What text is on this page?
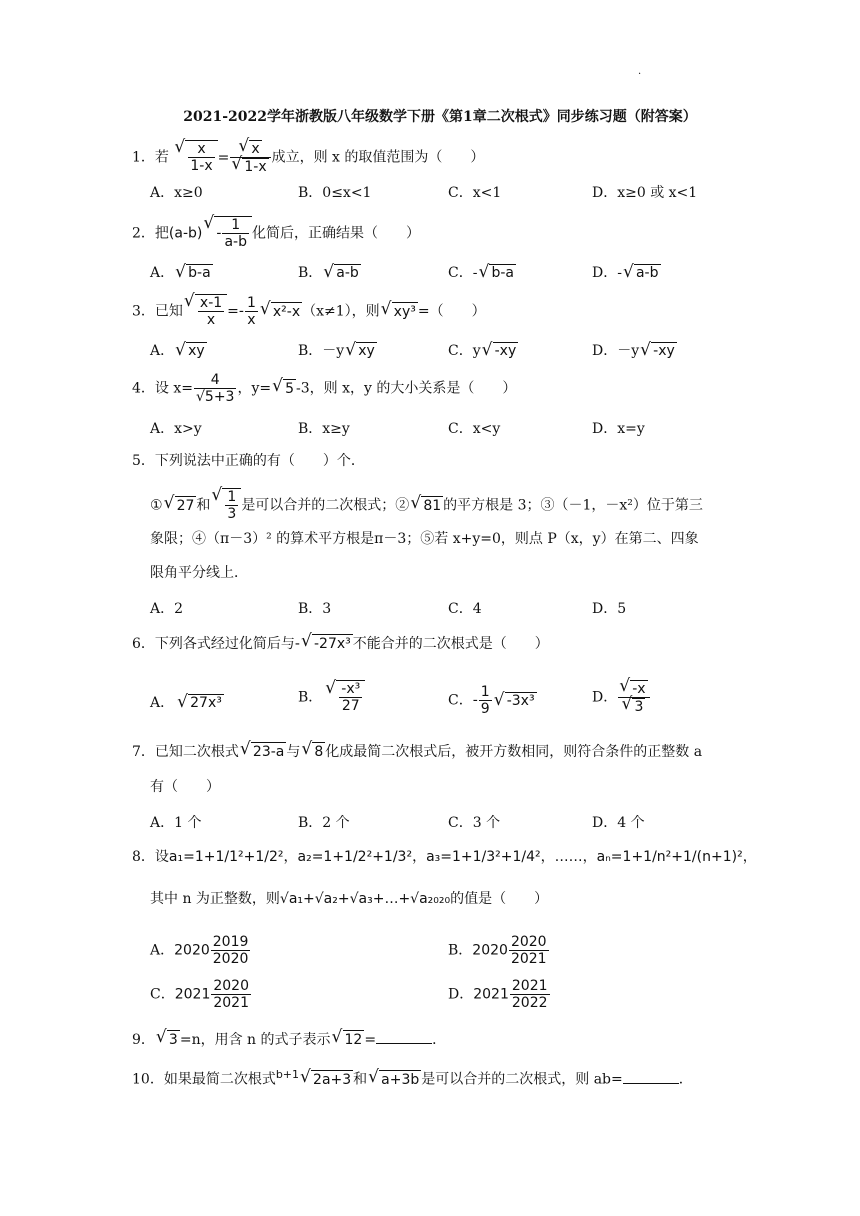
.
2021-2022学年浙教版八年级数学下册《第1章二次根式》同步练习题（附答案）
1．若
√ $\frac{x}{1-x}$ =
√ x
√ 1-x 成立，则 x 的取值范围为（　　）
A．x≥0	B．0≤x<1	C．x<1	D．x≥0 或 x<1
2．把$(a-b)√ - \frac{1}{a-b}$ 化简后，正确结果（　　）
A．√ b-a	B．√ a-b	C．-√ b-a	D．-√ a-b
3．已知
√ $\frac{x-1}{x} =- \frac{1}{x}$
√ x²-x （x≠1），则√ xy³ =（　　）
A．√ xy	B．－y√ xy	C．y√ -xy	D．－y√ -xy
4．设 $x= \frac{4}{√5+3}$ ，y=√ 5 -3，则 x，y 的大小关系是（　　）
A．x>y	B．x≥y	C．x<y	D．x=y
5．下列说法中正确的有（　　）个．
①√ 27 和
√ $\frac{1}{3}$ 是可以合并的二次根式；②√ 81 的平方根是 3；③（－1，－x²）位于第三
象限；④（π－3）² 的算术平方根是π－3；⑤若 x+y=0，则点 P（x，y）在第二、四象
限角平分线上．
A．2	B．3	C．4	D．5
6．下列各式经过化简后与-√ -27x³ 不能合并的二次根式是（　　）
A．√ 27x³	B．
√ $\frac{\text{-x³}}{27}$	C．- $\frac{1}{9}$
√ -3x³	D．
√ -x
√ 3
7．已知二次根式√ 23-a 与√ 8 化成最简二次根式后，被开方数相同，则符合条件的正整数 a
有（　　）
A．1 个	B．2 个	C．3 个	D．4 个
8．设a₁=1+1/1²+1/2²，a₂=1+1/2²+1/3²，a₃=1+1/3²+1/4²，……，aₙ=1+1/n²+1/(n+1)²，
其中 n 为正整数，则√a₁+√a₂+√a₃+…+√a₂₀₂₀的值是（　　）
A．$2020 \frac{2019}{2020}$	B．$2020 \frac{2020}{2021}$
C．$2021 \frac{2020}{2021}$	D．$2021 \frac{2021}{2022}$
9．√ 3 =n，用含 n 的式子表示√ 12 =	．
10．如果最简二次根式$^{b+1}$√ 2a+3 和√ a+3b 是可以合并的二次根式，则 ab=	．
